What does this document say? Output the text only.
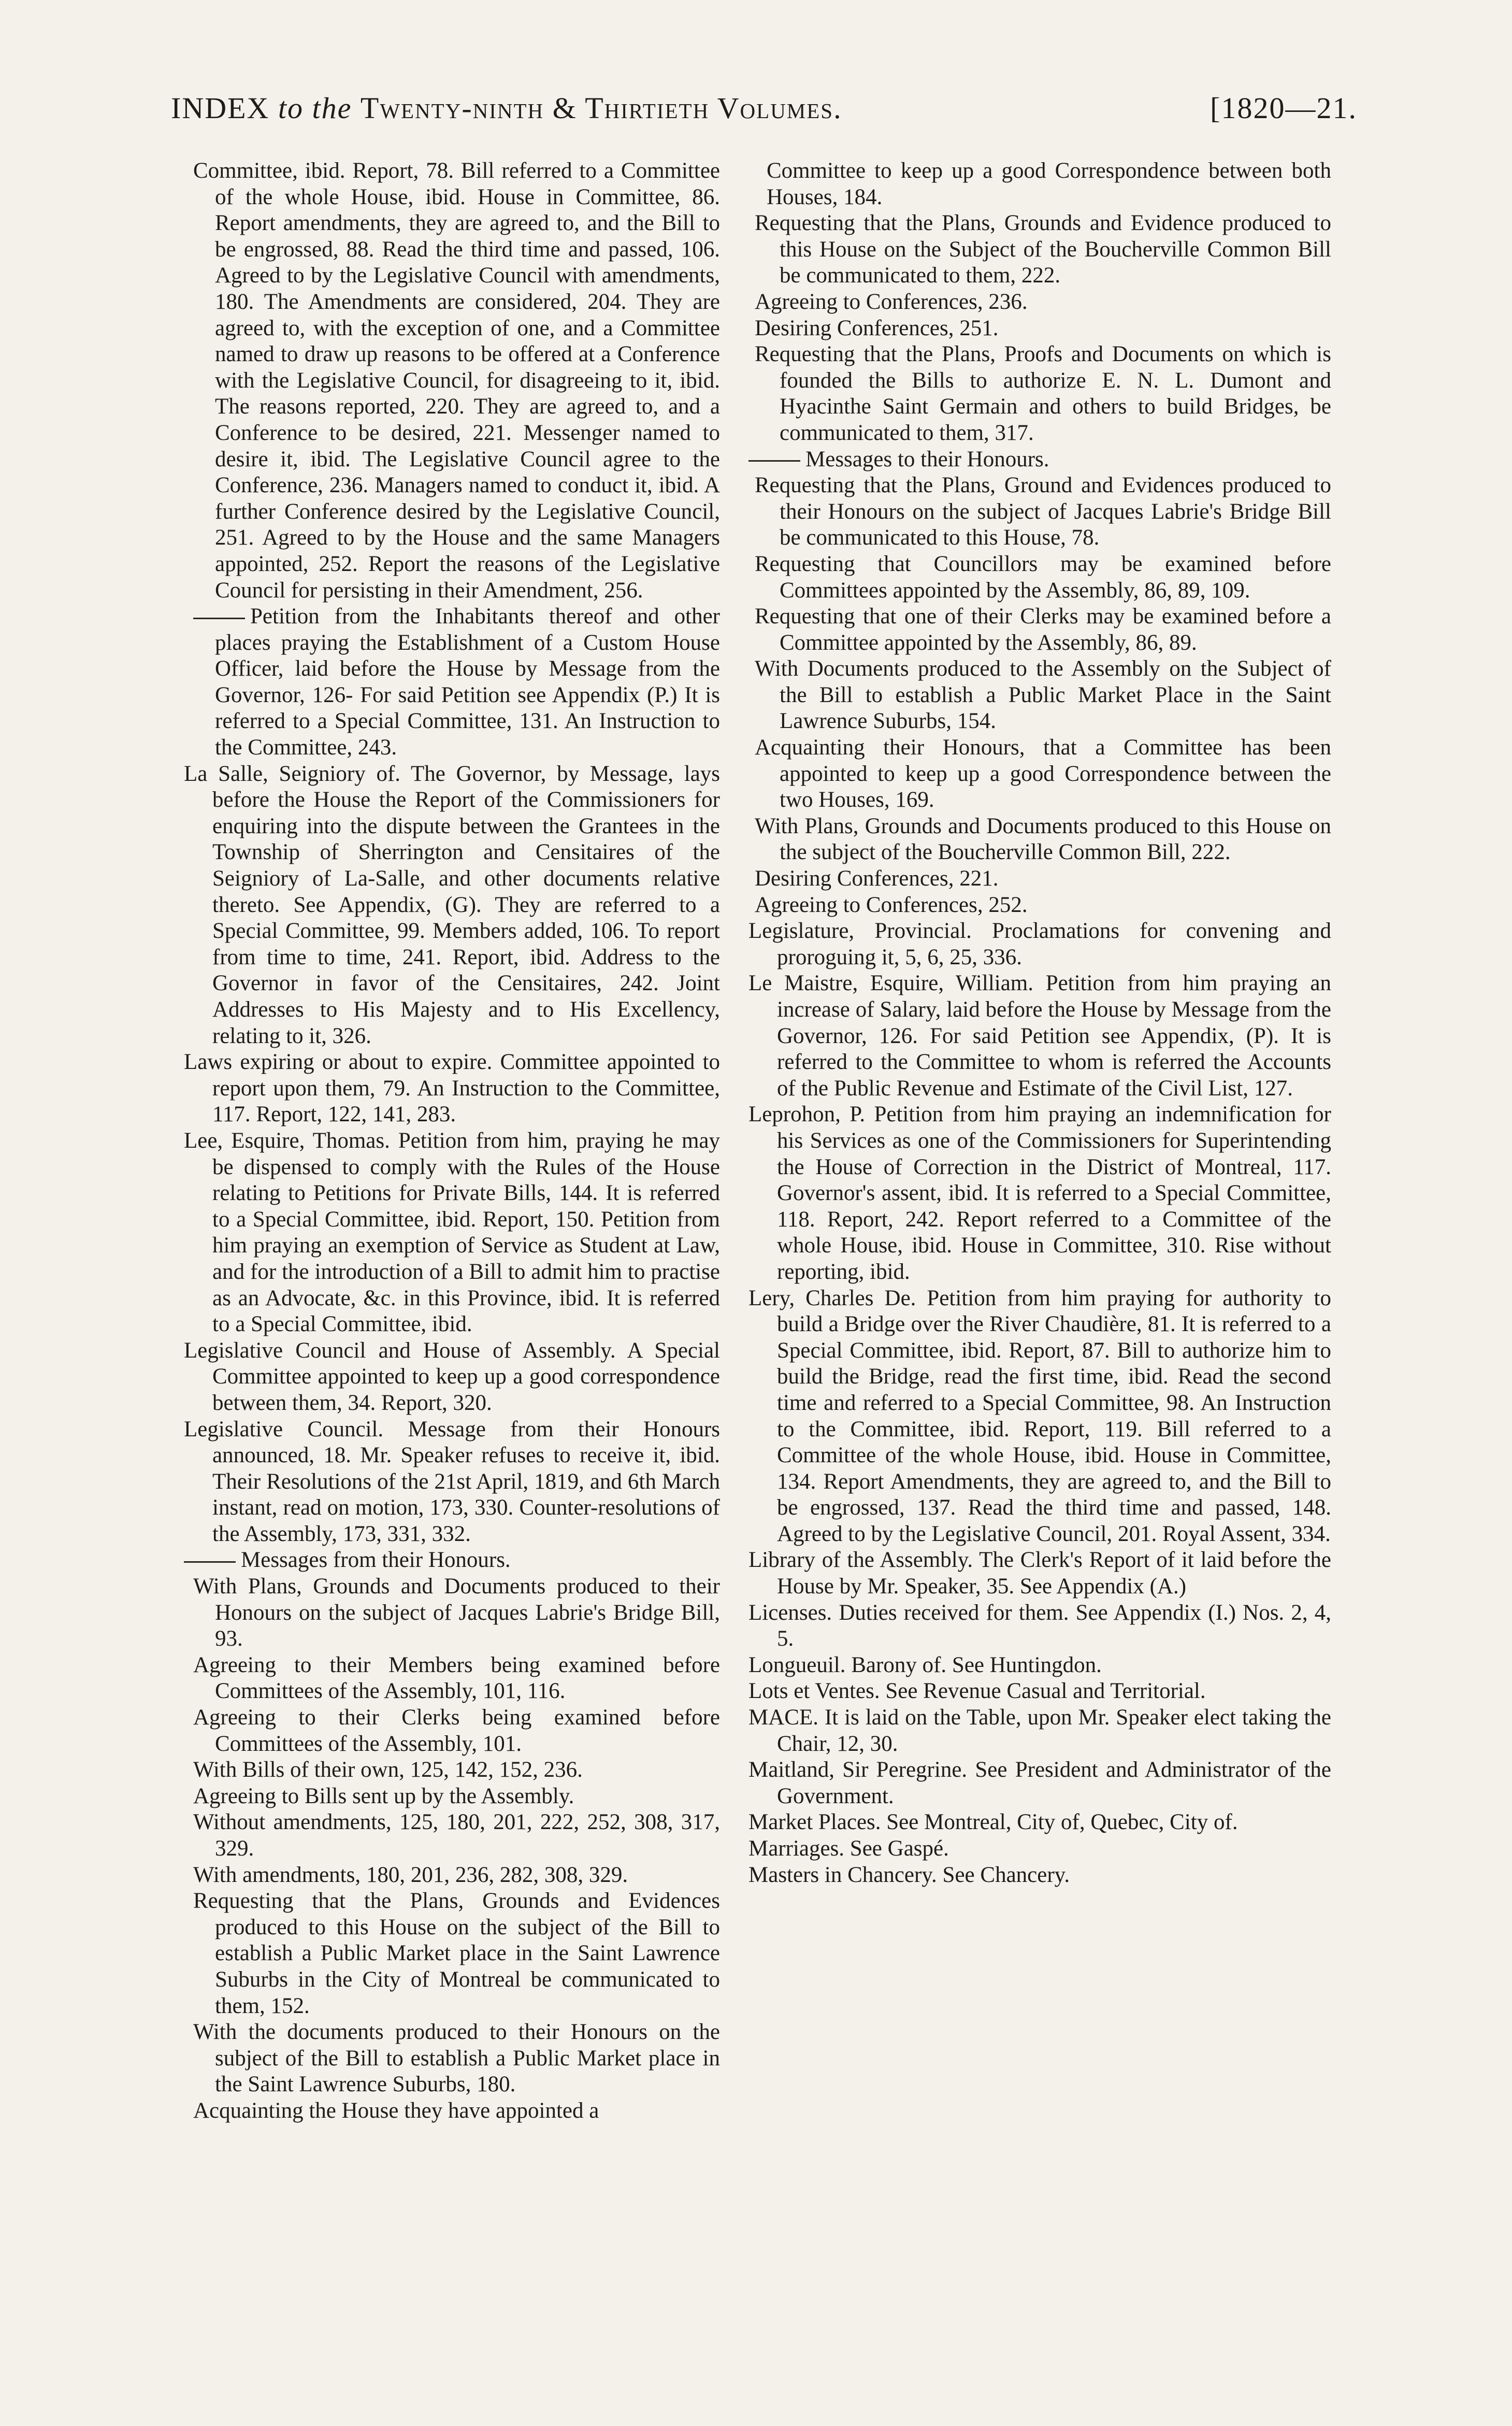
INDEX to the Twenty-ninth & Thirtieth Volumes.	[1820—21.

Committee, ibid. Report, 78. Bill referred to a Committee of the whole House, ibid. House in Committee, 86. Report amendments, they are agreed to, and the Bill to be engrossed, 88. Read the third time and passed, 106. Agreed to by the Legislative Council with amendments, 180. The Amendments are considered, 204. They are agreed to, with the exception of one, and a Committee named to draw up reasons to be offered at a Conference with the Legislative Council, for disagreeing to it, ibid. The reasons reported, 220. They are agreed to, and a Conference to be desired, 221. Messenger named to desire it, ibid. The Legislative Council agree to the Conference, 236. Managers named to conduct it, ibid. A further Conference desired by the Legislative Council, 251. Agreed to by the House and the same Managers appointed, 252. Report the reasons of the Legislative Council for persisting in their Amendment, 256.

Petition from the Inhabitants thereof and other places praying the Establishment of a Custom House Officer, laid before the House by Message from the Governor, 126- For said Petition see Appendix (P.) It is referred to a Special Committee, 131. An Instruction to the Committee, 243.

La Salle, Seigniory of. The Governor, by Message, lays before the House the Report of the Commissioners for enquiring into the dispute between the Grantees in the Township of Sherrington and Censitaires of the Seigniory of La-Salle, and other documents relative thereto. See Appendix, (G). They are referred to a Special Committee, 99. Members added, 106. To report from time to time, 241. Report, ibid. Address to the Governor in favor of the Censitaires, 242. Joint Addresses to His Majesty and to His Excellency, relating to it, 326.

Laws expiring or about to expire. Committee appointed to report upon them, 79. An Instruction to the Committee, 117. Report, 122, 141, 283.

Lee, Esquire, Thomas. Petition from him, praying he may be dispensed to comply with the Rules of the House relating to Petitions for Private Bills, 144. It is referred to a Special Committee, ibid. Report, 150. Petition from him praying an exemption of Service as Student at Law, and for the introduction of a Bill to admit him to practise as an Advocate, &c. in this Province, ibid. It is referred to a Special Committee, ibid.

Legislative Council and House of Assembly. A Special Committee appointed to keep up a good correspondence between them, 34. Report, 320.

Legislative Council. Message from their Honours announced, 18. Mr. Speaker refuses to receive it, ibid. Their Resolutions of the 21st April, 1819, and 6th March instant, read on motion, 173, 330. Counter-resolutions of the Assembly, 173, 331, 332.

Messages from their Honours.

With Plans, Grounds and Documents produced to their Honours on the subject of Jacques Labrie's Bridge Bill, 93.

Agreeing to their Members being examined before Committees of the Assembly, 101, 116.

Agreeing to their Clerks being examined before Committees of the Assembly, 101.

With Bills of their own, 125, 142, 152, 236.

Agreeing to Bills sent up by the Assembly.

Without amendments, 125, 180, 201, 222, 252, 308, 317, 329.

With amendments, 180, 201, 236, 282, 308, 329.

Requesting that the Plans, Grounds and Evidences produced to this House on the subject of the Bill to establish a Public Market place in the Saint Lawrence Suburbs in the City of Montreal be communicated to them, 152.

With the documents produced to their Honours on the subject of the Bill to establish a Public Market place in the Saint Lawrence Suburbs, 180.

Acquainting the House they have appointed a

Committee to keep up a good Correspondence between both Houses, 184.

Requesting that the Plans, Grounds and Evidence produced to this House on the Subject of the Boucherville Common Bill be communicated to them, 222.

Agreeing to Conferences, 236.

Desiring Conferences, 251.

Requesting that the Plans, Proofs and Documents on which is founded the Bills to authorize E. N. L. Dumont and Hyacinthe Saint Germain and others to build Bridges, be communicated to them, 317.

Messages to their Honours.

Requesting that the Plans, Ground and Evidences produced to their Honours on the subject of Jacques Labrie's Bridge Bill be communicated to this House, 78.

Requesting that Councillors may be examined before Committees appointed by the Assembly, 86, 89, 109.

Requesting that one of their Clerks may be examined before a Committee appointed by the Assembly, 86, 89.

With Documents produced to the Assembly on the Subject of the Bill to establish a Public Market Place in the Saint Lawrence Suburbs, 154.

Acquainting their Honours, that a Committee has been appointed to keep up a good Correspondence between the two Houses, 169.

With Plans, Grounds and Documents produced to this House on the subject of the Boucherville Common Bill, 222.

Desiring Conferences, 221.

Agreeing to Conferences, 252.

Legislature, Provincial. Proclamations for convening and proroguing it, 5, 6, 25, 336.

Le Maistre, Esquire, William. Petition from him praying an increase of Salary, laid before the House by Message from the Governor, 126. For said Petition see Appendix, (P). It is referred to the Committee to whom is referred the Accounts of the Public Revenue and Estimate of the Civil List, 127.

Leprohon, P. Petition from him praying an indemnification for his Services as one of the Commissioners for Superintending the House of Correction in the District of Montreal, 117. Governor's assent, ibid. It is referred to a Special Committee, 118. Report, 242. Report referred to a Committee of the whole House, ibid. House in Committee, 310. Rise without reporting, ibid.

Lery, Charles De. Petition from him praying for authority to build a Bridge over the River Chaudière, 81. It is referred to a Special Committee, ibid. Report, 87. Bill to authorize him to build the Bridge, read the first time, ibid. Read the second time and referred to a Special Committee, 98. An Instruction to the Committee, ibid. Report, 119. Bill referred to a Committee of the whole House, ibid. House in Committee, 134. Report Amendments, they are agreed to, and the Bill to be engrossed, 137. Read the third time and passed, 148. Agreed to by the Legislative Council, 201. Royal Assent, 334.

Library of the Assembly. The Clerk's Report of it laid before the House by Mr. Speaker, 35. See Appendix (A.)

Licenses. Duties received for them. See Appendix (I.) Nos. 2, 4, 5.

Longueuil. Barony of. See Huntingdon.

Lots et Ventes. See Revenue Casual and Territorial.

MACE. It is laid on the Table, upon Mr. Speaker elect taking the Chair, 12, 30.

Maitland, Sir Peregrine. See President and Administrator of the Government.

Market Places. See Montreal, City of, Quebec, City of.

Marriages. See Gaspé.

Masters in Chancery. See Chancery.
